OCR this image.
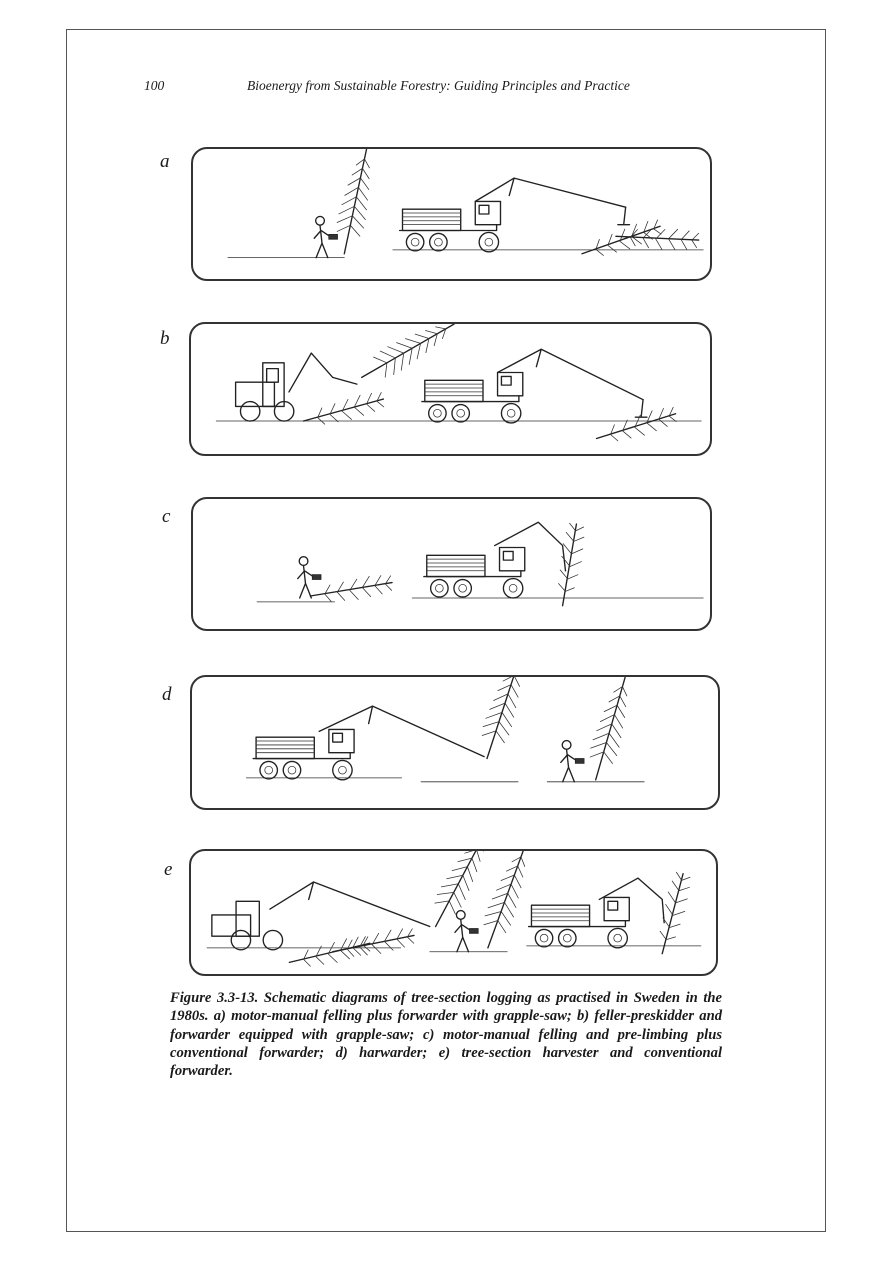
100	Bioenergy from Sustainable Forestry: Guiding Principles and Practice
a
b
c
d
e
Figure 3.3-13. Schematic diagrams of tree-section logging as practised in Sweden in the 1980s. a) motor-manual felling plus forwarder with grapple-saw; b) feller-preskidder and forwarder equipped with grapple-saw; c) motor-manual felling and pre-limbing plus conventional forwarder; d) harwarder; e) tree-section harvester and conventional forwarder.
